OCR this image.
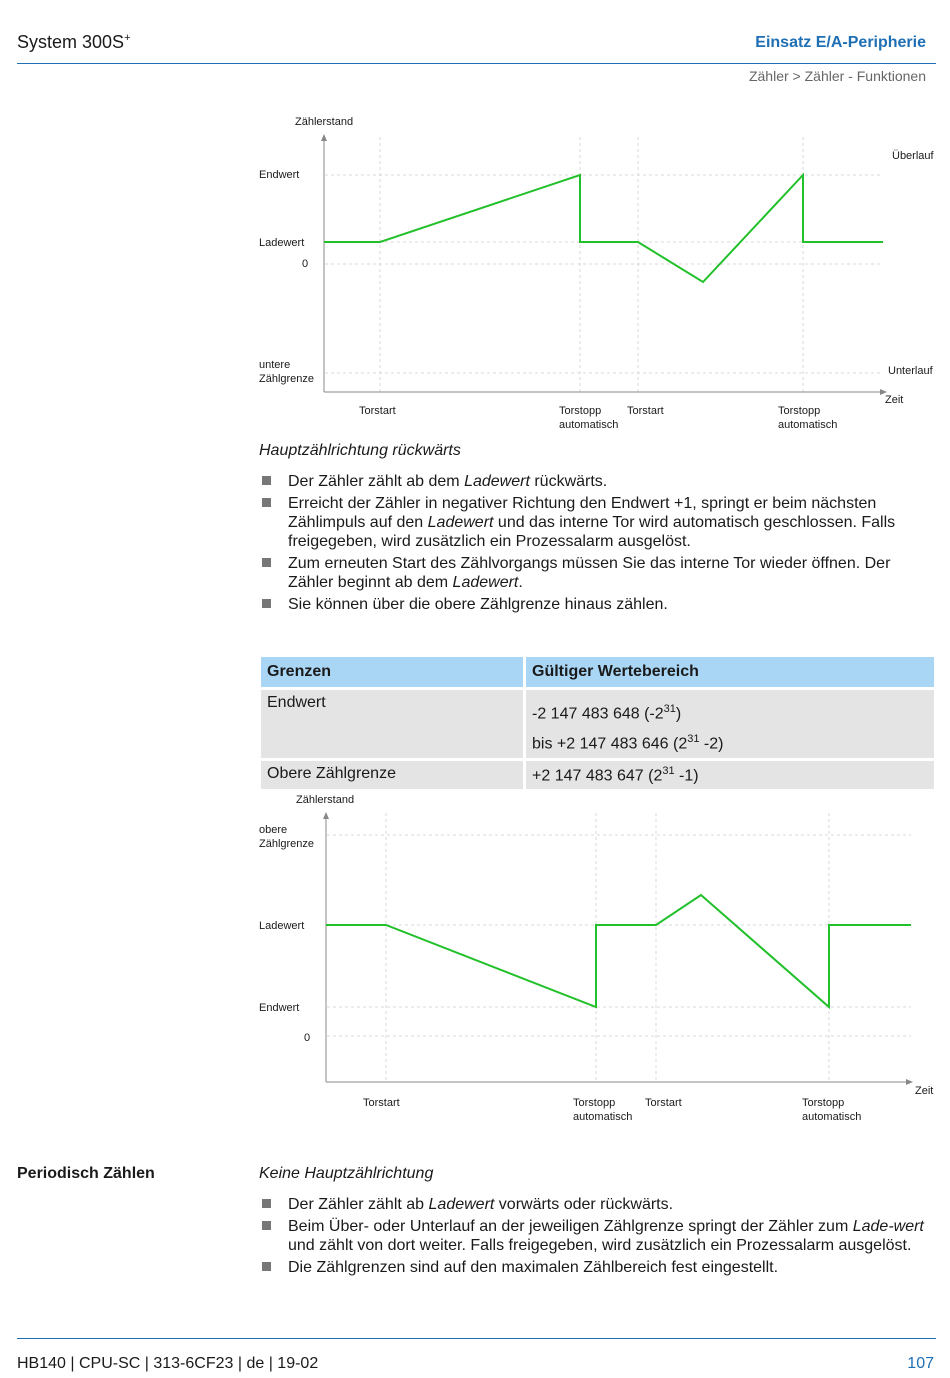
System 300S+	Einsatz E/A-Peripherie
Zähler > Zähler - Funktionen
Zählerstand
Endwert
Ladewert
0
untere
Zählgrenze
Überlauf
Unterlauf
Zeit
Torstart	Torstopp
automatisch
Torstart	Torstopp
automatisch
Hauptzählrichtung rückwärts
Der Zähler zählt ab dem Ladewert rückwärts.
Erreicht der Zähler in negativer Richtung den Endwert +1, springt er beim nächsten Zählimpuls auf den Ladewert und das interne Tor wird automatisch geschlossen. Falls freigegeben, wird zusätzlich ein Prozessalarm ausgelöst.
Zum erneuten Start des Zählvorgangs müssen Sie das interne Tor wieder öffnen. Der Zähler beginnt ab dem Ladewert.
Sie können über die obere Zählgrenze hinaus zählen.
Grenzen	Gültiger Wertebereich
Endwert	-2 147 483 648 $(-2^{31})$
bis +2 147 483 646 ($2^{31}$ -2)

Obere Zählgrenze	+2 147 483 647 ($2^{31}$ -1)
Zählerstand
obere
Zählgrenze
Ladewert
Endwert
0
Zeit
Torstart	Torstopp
automatisch
Torstart	Torstopp
automatisch
Periodisch Zählen	Keine Hauptzählrichtung
Der Zähler zählt ab Ladewert vorwärts oder rückwärts.
Beim Über- oder Unterlauf an der jeweiligen Zählgrenze springt der Zähler zum Lade-wert und zählt von dort weiter. Falls freigegeben, wird zusätzlich ein Prozessalarm ausgelöst.
Die Zählgrenzen sind auf den maximalen Zählbereich fest eingestellt.
HB140 | CPU-SC | 313-6CF23 | de | 19-02	107
